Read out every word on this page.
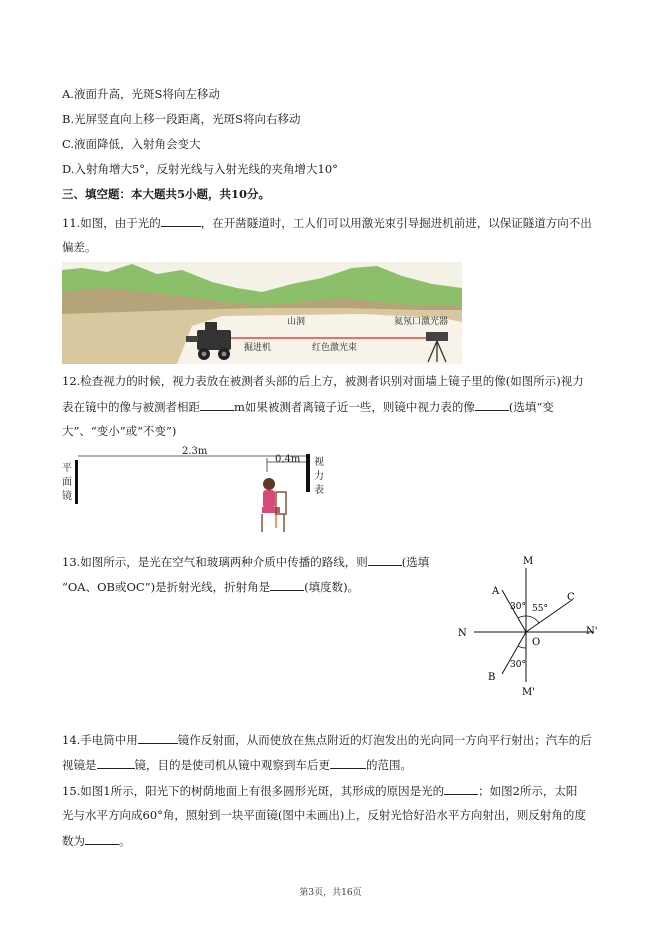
A.液面升高，光斑S将向左移动
B.光屏竖直向上移一段距离，光斑S将向右移动
C.液面降低，入射角会变大
D.入射角增大5°，反射光线与入射光线的夹角增大10°
三、填空题：本大题共5小题，共10分。
11.如图，由于光的	，在开凿隧道时，工人们可以用激光束引导掘进机前进，以保证隧道方向不出
偏差。
山洞	氦氖口激光器
掘进机	红色激光束
12.检查视力的时候，视力表放在被测者头部的后上方，被测者识别对面墙上镜子里的像(如图所示)视力
表在镜中的像与被测者相距	m如果被测者离镜子近一些，则镜中视力表的像	(选填“变
大”、“变小”或“不变”)
平面镜
2.3m
0.4m 视力表
13.如图所示，是光在空气和玻璃两种介质中传播的路线，则	(选填
“OA、OB或OC”)是折射光线，折射角是	(填度数)。
M
M'
N	N'
O
A
B
C
30° 55°
30°
14.手电筒中用	镜作反射面，从而使放在焦点附近的灯泡发出的光向同一方向平行射出；汽车的后
视镜是	镜，目的是使司机从镜中观察到车后更	的范围。
15.如图1所示，阳光下的树荫地面上有很多圆形光斑，其形成的原因是光的	；如图2所示，太阳
光与水平方向成60°角，照射到一块平面镜(图中未画出)上，反射光恰好沿水平方向射出，则反射角的度
数为	。
第3页，共16页
